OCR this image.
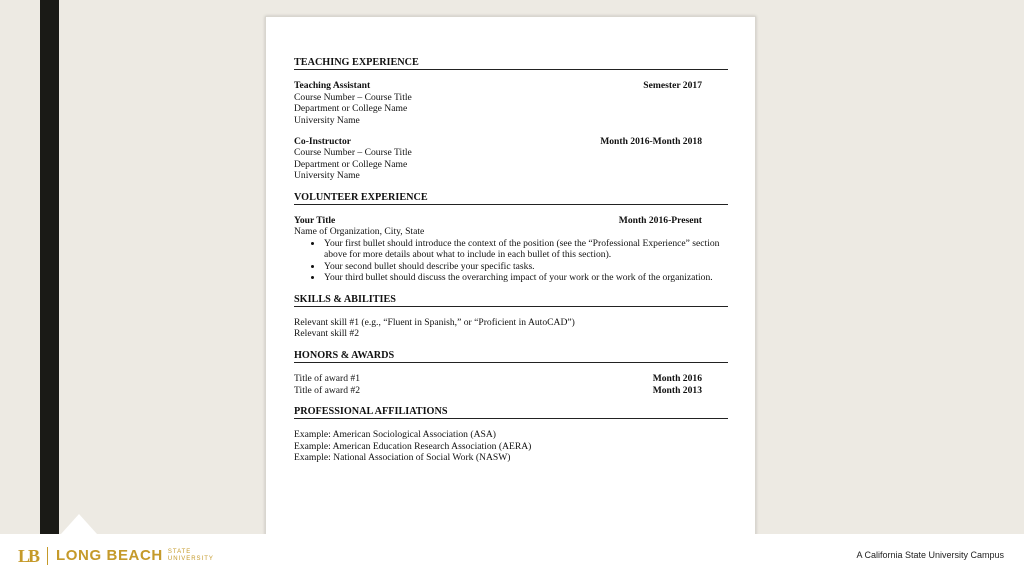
TEACHING EXPERIENCE
Teaching Assistant	Semester 2017
Course Number – Course Title
Department or College Name
University Name
Co-Instructor	Month 2016-Month 2018
Course Number – Course Title
Department or College Name
University Name
VOLUNTEER EXPERIENCE
Your Title	Month 2016-Present
Name of Organization, City, State
• Your first bullet should introduce the context of the position (see the “Professional Experience” section above for more details about what to include in each bullet of this section).
• Your second bullet should describe your specific tasks.
• Your third bullet should discuss the overarching impact of your work or the work of the organization.
SKILLS & ABILITIES
Relevant skill #1 (e.g., “Fluent in Spanish,” or “Proficient in AutoCAD”)
Relevant skill #2
HONORS & AWARDS
Title of award #1	Month 2016
Title of award #2	Month 2013
PROFESSIONAL AFFILIATIONS
Example: American Sociological Association (ASA)
Example: American Education Research Association (AERA)
Example: National Association of Social Work (NASW)
LB LONG BEACH STATE
UNIVERSITY	A California State University Campus
